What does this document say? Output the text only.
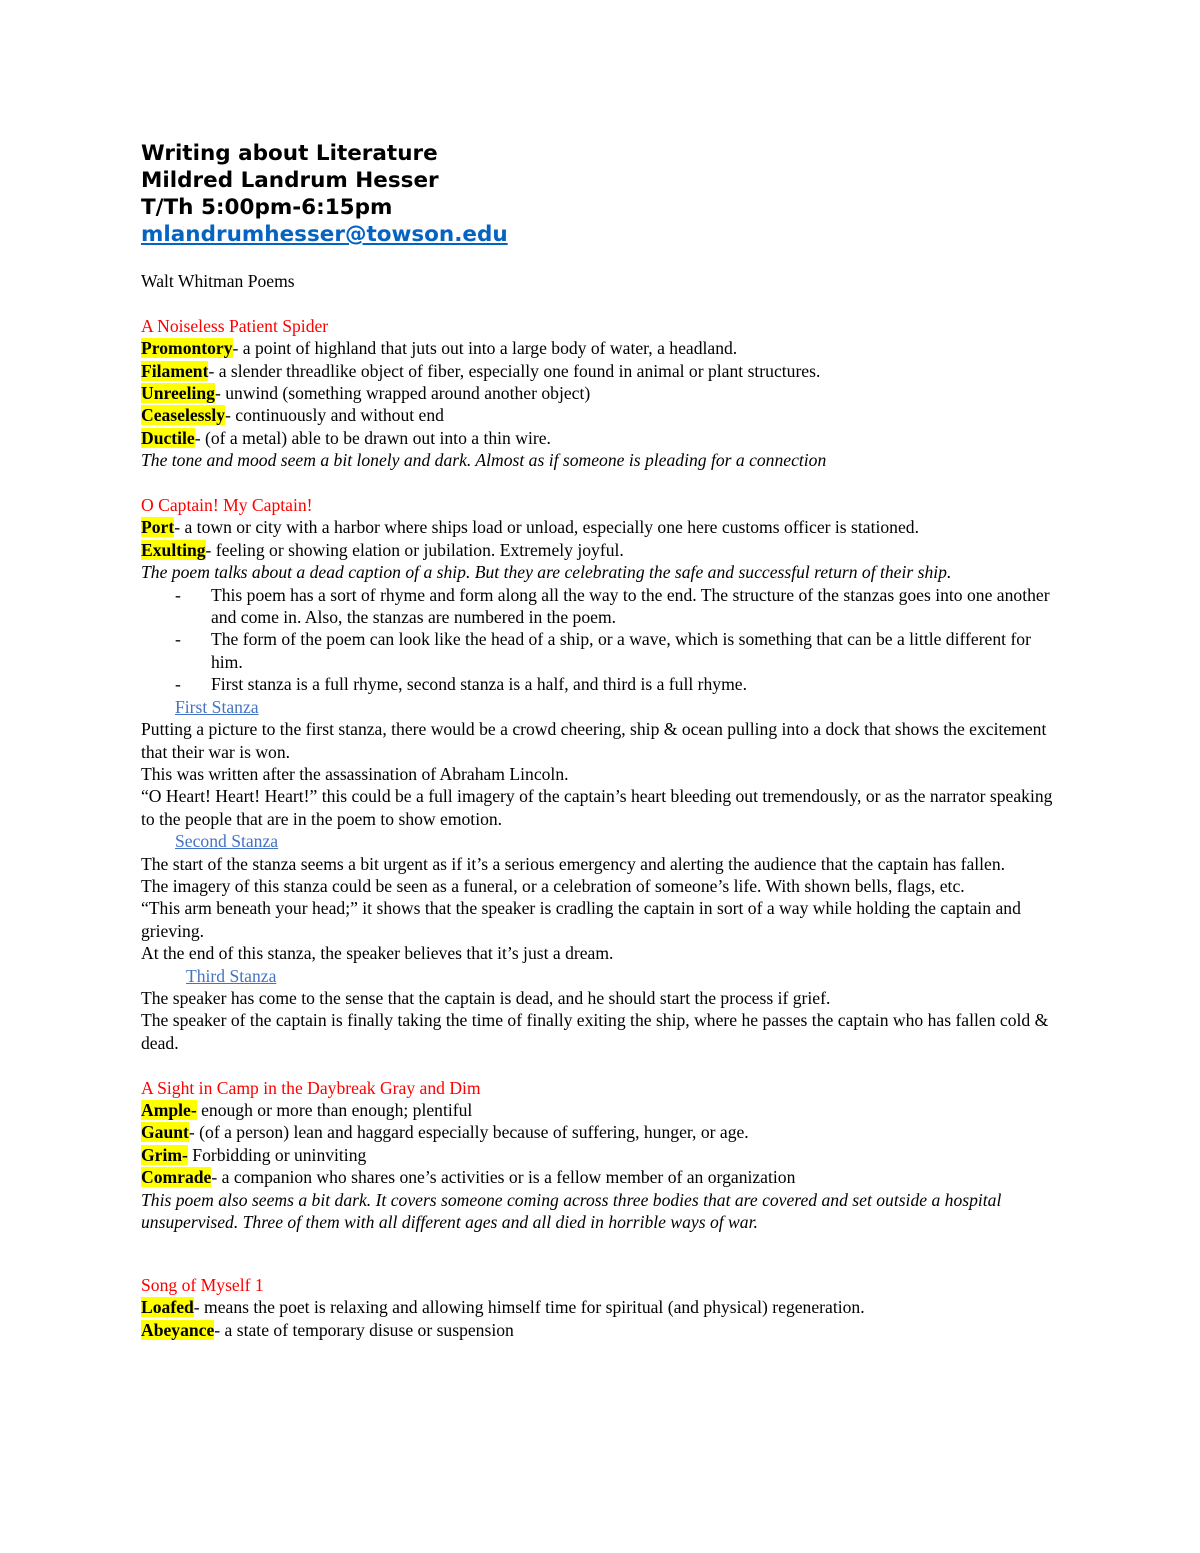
Writing about Literature
Mildred Landrum Hesser
T/Th 5:00pm-6:15pm
mlandrumhesser@towson.edu
Walt Whitman Poems
A Noiseless Patient Spider
Promontory- a point of highland that juts out into a large body of water, a headland.
Filament- a slender threadlike object of fiber, especially one found in animal or plant structures.
Unreeling- unwind (something wrapped around another object)
Ceaselessly- continuously and without end
Ductile- (of a metal) able to be drawn out into a thin wire.
The tone and mood seem a bit lonely and dark. Almost as if someone is pleading for a connection
O Captain! My Captain!
Port- a town or city with a harbor where ships load or unload, especially one here customs officer is stationed.
Exulting- feeling or showing elation or jubilation. Extremely joyful.
The poem talks about a dead caption of a ship. But they are celebrating the safe and successful return of their ship.
- This poem has a sort of rhyme and form along all the way to the end. The structure of the stanzas goes into one another and come in. Also, the stanzas are numbered in the poem.
- The form of the poem can look like the head of a ship, or a wave, which is something that can be a little different for him.
- First stanza is a full rhyme, second stanza is a half, and third is a full rhyme.
First Stanza
Putting a picture to the first stanza, there would be a crowd cheering, ship & ocean pulling into a dock that shows the excitement that their war is won.
This was written after the assassination of Abraham Lincoln.
“O Heart! Heart! Heart!” this could be a full imagery of the captain’s heart bleeding out tremendously, or as the narrator speaking to the people that are in the poem to show emotion.
Second Stanza
The start of the stanza seems a bit urgent as if it’s a serious emergency and alerting the audience that the captain has fallen.
The imagery of this stanza could be seen as a funeral, or a celebration of someone’s life. With shown bells, flags, etc.
“This arm beneath your head;” it shows that the speaker is cradling the captain in sort of a way while holding the captain and grieving.
At the end of this stanza, the speaker believes that it’s just a dream.
Third Stanza
The speaker has come to the sense that the captain is dead, and he should start the process if grief.
The speaker of the captain is finally taking the time of finally exiting the ship, where he passes the captain who has fallen cold & dead.
A Sight in Camp in the Daybreak Gray and Dim
Ample- enough or more than enough; plentiful
Gaunt- (of a person) lean and haggard especially because of suffering, hunger, or age.
Grim- Forbidding or uninviting
Comrade- a companion who shares one’s activities or is a fellow member of an organization
This poem also seems a bit dark. It covers someone coming across three bodies that are covered and set outside a hospital unsupervised. Three of them with all different ages and all died in horrible ways of war.
Song of Myself 1
Loafed- means the poet is relaxing and allowing himself time for spiritual (and physical) regeneration.
Abeyance- a state of temporary disuse or suspension
